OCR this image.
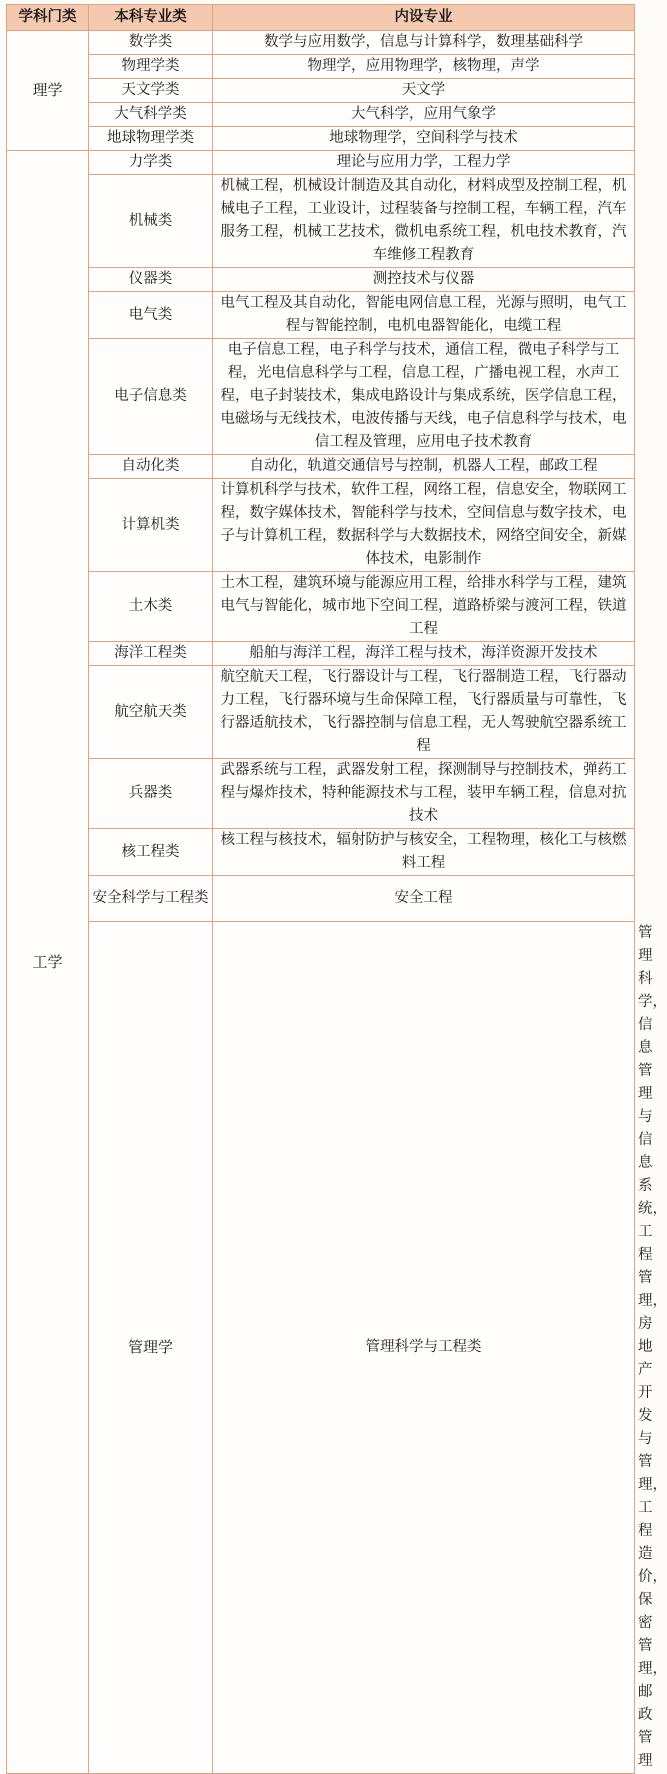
学科门类	本科专业类	内设专业	
理学	数学类	数学与应用数学，信息与计算科学，数理基础科学	
	物理学类	物理学，应用物理学，核物理，声学	
	天文学类	天文学	
	大气科学类	大气科学，应用气象学	
	地球物理学类	地球物理学，空间科学与技术	
工学	力学类	理论与应用力学，工程力学	
	机械类	机械工程，机械设计制造及其自动化，材料成型及控制工程，机械电子工程，工业设计，过程装备与控制工程，车辆工程，汽车服务工程，机械工艺技术，微机电系统工程，机电技术教育，汽车维修工程教育	
	仪器类	测控技术与仪器	
	电气类	电气工程及其自动化，智能电网信息工程，光源与照明，电气工程与智能控制，电机电器智能化，电缆工程	
	电子信息类	电子信息工程，电子科学与技术，通信工程，微电子科学与工程，光电信息科学与工程，信息工程，广播电视工程，水声工程，电子封装技术，集成电路设计与集成系统，医学信息工程，电磁场与无线技术，电波传播与天线，电子信息科学与技术，电信工程及管理，应用电子技术教育	
	自动化类	自动化，轨道交通信号与控制，机器人工程，邮政工程	
	计算机类	计算机科学与技术，软件工程，网络工程，信息安全，物联网工程，数字媒体技术，智能科学与技术，空间信息与数字技术，电子与计算机工程，数据科学与大数据技术，网络空间安全，新媒体技术，电影制作	
	土木类	土木工程，建筑环境与能源应用工程，给排水科学与工程，建筑电气与智能化，城市地下空间工程，道路桥梁与渡河工程，铁道工程	
	海洋工程类	船舶与海洋工程，海洋工程与技术，海洋资源开发技术	
	航空航天类	航空航天工程，飞行器设计与工程，飞行器制造工程，飞行器动力工程，飞行器环境与生命保障工程，飞行器质量与可靠性，飞行器适航技术，飞行器控制与信息工程，无人驾驶航空器系统工程	
	兵器类	武器系统与工程，武器发射工程，探测制导与控制技术，弹药工程与爆炸技术，特种能源技术与工程，装甲车辆工程，信息对抗技术	
	核工程类	核工程与核技术，辐射防护与核安全，工程物理，核化工与核燃料工程	
	安全科学与工程类	安全工程	
	管理学	管理科学与工程类	管理科学，信息管理与信息系统，工程管理，房地产开发与管理，工程造价，保密管理，邮政管理
